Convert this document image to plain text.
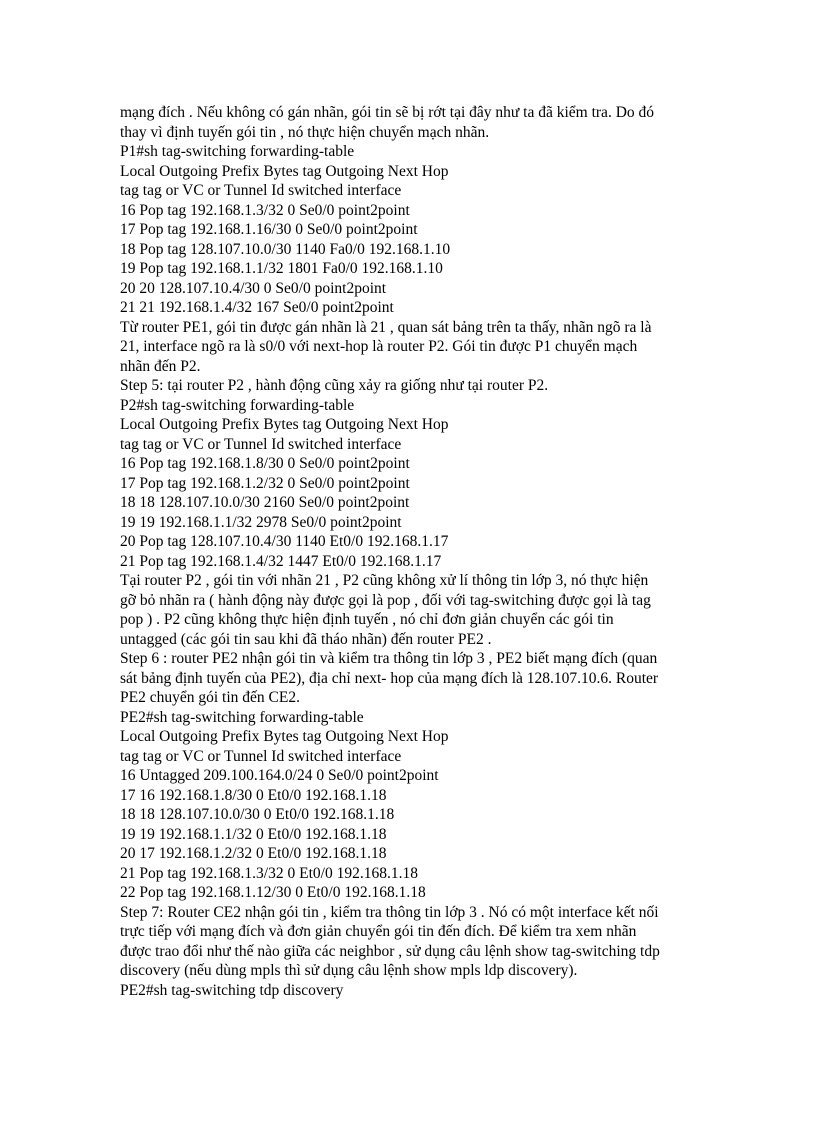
mạng đích . Nếu không có gán nhãn, gói tin sẽ bị rớt tại đây như ta đã kiểm tra. Do đó
thay vì định tuyến gói tin , nó thực hiện chuyển mạch nhãn.
P1#sh tag-switching forwarding-table
Local Outgoing Prefix Bytes tag Outgoing Next Hop
tag tag or VC or Tunnel Id switched interface
16 Pop tag 192.168.1.3/32 0 Se0/0 point2point
17 Pop tag 192.168.1.16/30 0 Se0/0 point2point
18 Pop tag 128.107.10.0/30 1140 Fa0/0 192.168.1.10
19 Pop tag 192.168.1.1/32 1801 Fa0/0 192.168.1.10
20 20 128.107.10.4/30 0 Se0/0 point2point
21 21 192.168.1.4/32 167 Se0/0 point2point
Từ router PE1, gói tin được gán nhãn là 21 , quan sát bảng trên ta thấy, nhãn ngõ ra là
21, interface ngõ ra là s0/0 với next-hop là router P2. Gói tin được P1 chuyển mạch
nhãn đến P2.
Step 5: tại router P2 , hành động cũng xảy ra giống như tại router P2.
P2#sh tag-switching forwarding-table
Local Outgoing Prefix Bytes tag Outgoing Next Hop
tag tag or VC or Tunnel Id switched interface
16 Pop tag 192.168.1.8/30 0 Se0/0 point2point
17 Pop tag 192.168.1.2/32 0 Se0/0 point2point
18 18 128.107.10.0/30 2160 Se0/0 point2point
19 19 192.168.1.1/32 2978 Se0/0 point2point
20 Pop tag 128.107.10.4/30 1140 Et0/0 192.168.1.17
21 Pop tag 192.168.1.4/32 1447 Et0/0 192.168.1.17
Tại router P2 , gói tin với nhãn 21 , P2 cũng không xử lí thông tin lớp 3, nó thực hiện
gỡ bỏ nhãn ra ( hành động này được gọi là pop , đối với tag-switching được gọi là tag
pop ) . P2 cũng không thực hiện định tuyến , nó chỉ đơn giản chuyển các gói tin
untagged (các gói tin sau khi đã tháo nhãn) đến router PE2 .
Step 6 : router PE2 nhận gói tin và kiểm tra thông tin lớp 3 , PE2 biết mạng đích (quan
sát bảng định tuyến của PE2), địa chỉ next- hop của mạng đích là 128.107.10.6. Router
PE2 chuyển gói tin đến CE2.
PE2#sh tag-switching forwarding-table
Local Outgoing Prefix Bytes tag Outgoing Next Hop
tag tag or VC or Tunnel Id switched interface
16 Untagged 209.100.164.0/24 0 Se0/0 point2point
17 16 192.168.1.8/30 0 Et0/0 192.168.1.18
18 18 128.107.10.0/30 0 Et0/0 192.168.1.18
19 19 192.168.1.1/32 0 Et0/0 192.168.1.18
20 17 192.168.1.2/32 0 Et0/0 192.168.1.18
21 Pop tag 192.168.1.3/32 0 Et0/0 192.168.1.18
22 Pop tag 192.168.1.12/30 0 Et0/0 192.168.1.18
Step 7: Router CE2 nhận gói tin , kiểm tra thông tin lớp 3 . Nó có một interface kết nối
trực tiếp với mạng đích và đơn giản chuyển gói tin đến đích. Để kiểm tra xem nhãn
được trao đổi như thế nào giữa các neighbor , sử dụng câu lệnh show tag-switching tdp
discovery (nếu dùng mpls thì sử dụng câu lệnh show mpls ldp discovery).
PE2#sh tag-switching tdp discovery
